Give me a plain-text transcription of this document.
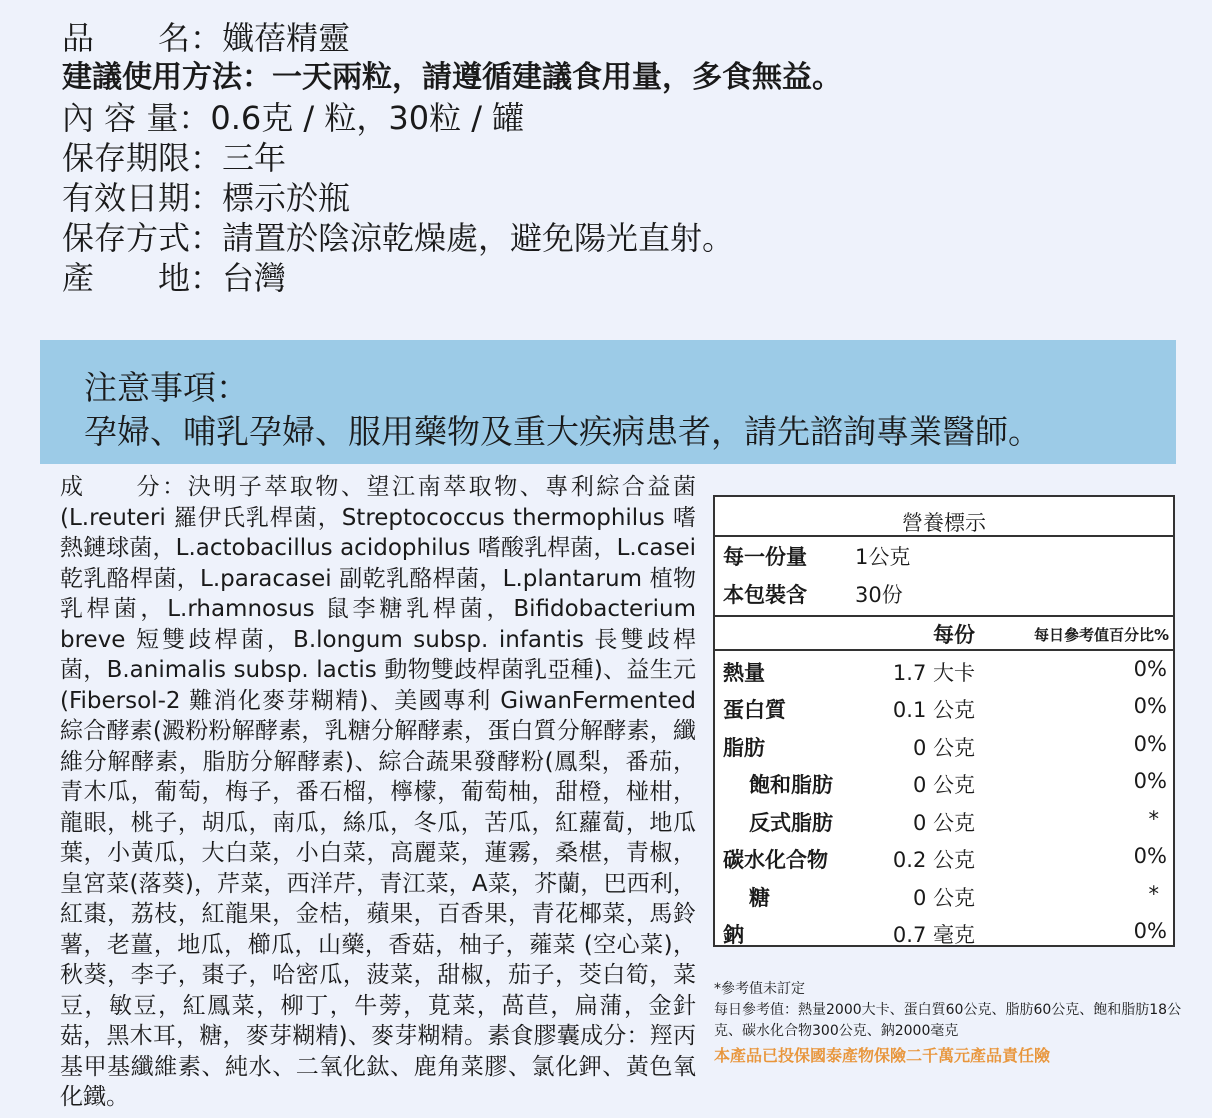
品　　名：孅蓓精靈
建議使用方法：一天兩粒，請遵循建議食用量，多食無益。
內 容 量：0.6克 / 粒，30粒 / 罐
保存期限：三年
有效日期：標示於瓶
保存方式：請置於陰涼乾燥處，避免陽光直射。
產　　地：台灣
注意事項：
孕婦、哺乳孕婦、服用藥物及重大疾病患者，請先諮詢專業醫師。
成　　分：決明子萃取物、望江南萃取物、專利綜合益菌(L.reuteri 羅伊氏乳桿菌，Streptococcus thermophilus 嗜熱鏈球菌，L.actobacillus acidophilus 嗜酸乳桿菌，L.casei 乾乳酪桿菌，L.paracasei 副乾乳酪桿菌，L.plantarum 植物乳桿菌，L.rhamnosus 鼠李糖乳桿菌，Bifidobacterium breve 短雙歧桿菌，B.longum subsp. infantis 長雙歧桿菌，B.animalis subsp. lactis 動物雙歧桿菌乳亞種)、益生元(Fibersol-2 難消化麥芽糊精)、美國專利 GiwanFermented綜合酵素(澱粉粉解酵素，乳糖分解酵素，蛋白質分解酵素，纖維分解酵素，脂肪分解酵素)、綜合蔬果發酵粉(鳳梨，番茄，青木瓜，葡萄，梅子，番石榴，檸檬，葡萄柚，甜橙，椪柑，龍眼，桃子，胡瓜，南瓜，絲瓜，冬瓜，苦瓜，紅蘿蔔，地瓜葉，小黃瓜，大白菜，小白菜，高麗菜，蓮霧，桑椹，青椒，皇宮菜(落葵)，芹菜，西洋芹，青江菜，A菜，芥蘭，巴西利，紅棗，荔枝，紅龍果，金桔，蘋果，百香果，青花椰菜，馬鈴薯，老薑，地瓜，櫛瓜，山藥，香菇，柚子，蕹菜 (空心菜)，秋葵，李子，棗子，哈密瓜，菠菜，甜椒，茄子，茭白筍，菜豆，敏豆，紅鳳菜，柳丁，牛蒡，莧菜，萵苣，扁蒲，金針菇，黑木耳，糖，麥芽糊精)、麥芽糊精。素食膠囊成分：羥丙基甲基纖維素、純水、二氧化鈦、鹿角菜膠、氯化鉀、黃色氧化鐵。
營養標示
每一份量 1公克
本包裝含 30份
每份	每日參考值百分比%
熱量	1.7 大卡	0%
蛋白質	0.1 公克	0%
脂肪	0 公克	0%
飽和脂肪	0 公克	0%
反式脂肪	0 公克	*
碳水化合物	0.2 公克	0%
糖	0 公克	*
鈉	0.7 毫克	0%
*參考值未訂定
每日參考值：熱量2000大卡、蛋白質60公克、脂肪60公克、飽和脂肪18公克、碳水化合物300公克、鈉2000毫克
本產品已投保國泰產物保險二千萬元產品責任險
